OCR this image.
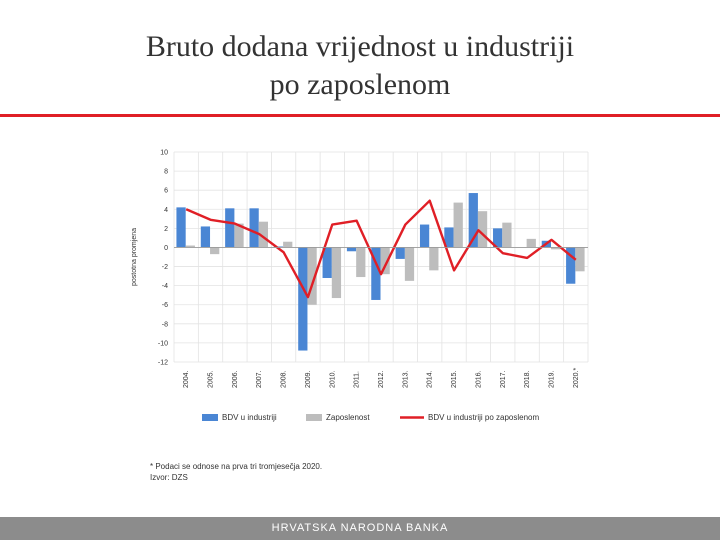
Bruto dodana vrijednost u industriji
po zaposlenom
10
8
6
4
2
0
-2
-4
-6
-8
-10
-12
2004. 2005. 2006. 2007. 2008. 2009. 2010. 2011. 2012. 2013. 2014. 2015. 2016. 2017. 2018. 2019. 2020.*
postotna promjena
BDV u industriji	Zaposlenost	BDV u industriji po zaposlenom
* Podaci se odnose na prva tri tromjesečja 2020.
Izvor: DZS
HRVATSKA NARODNA BANKA
